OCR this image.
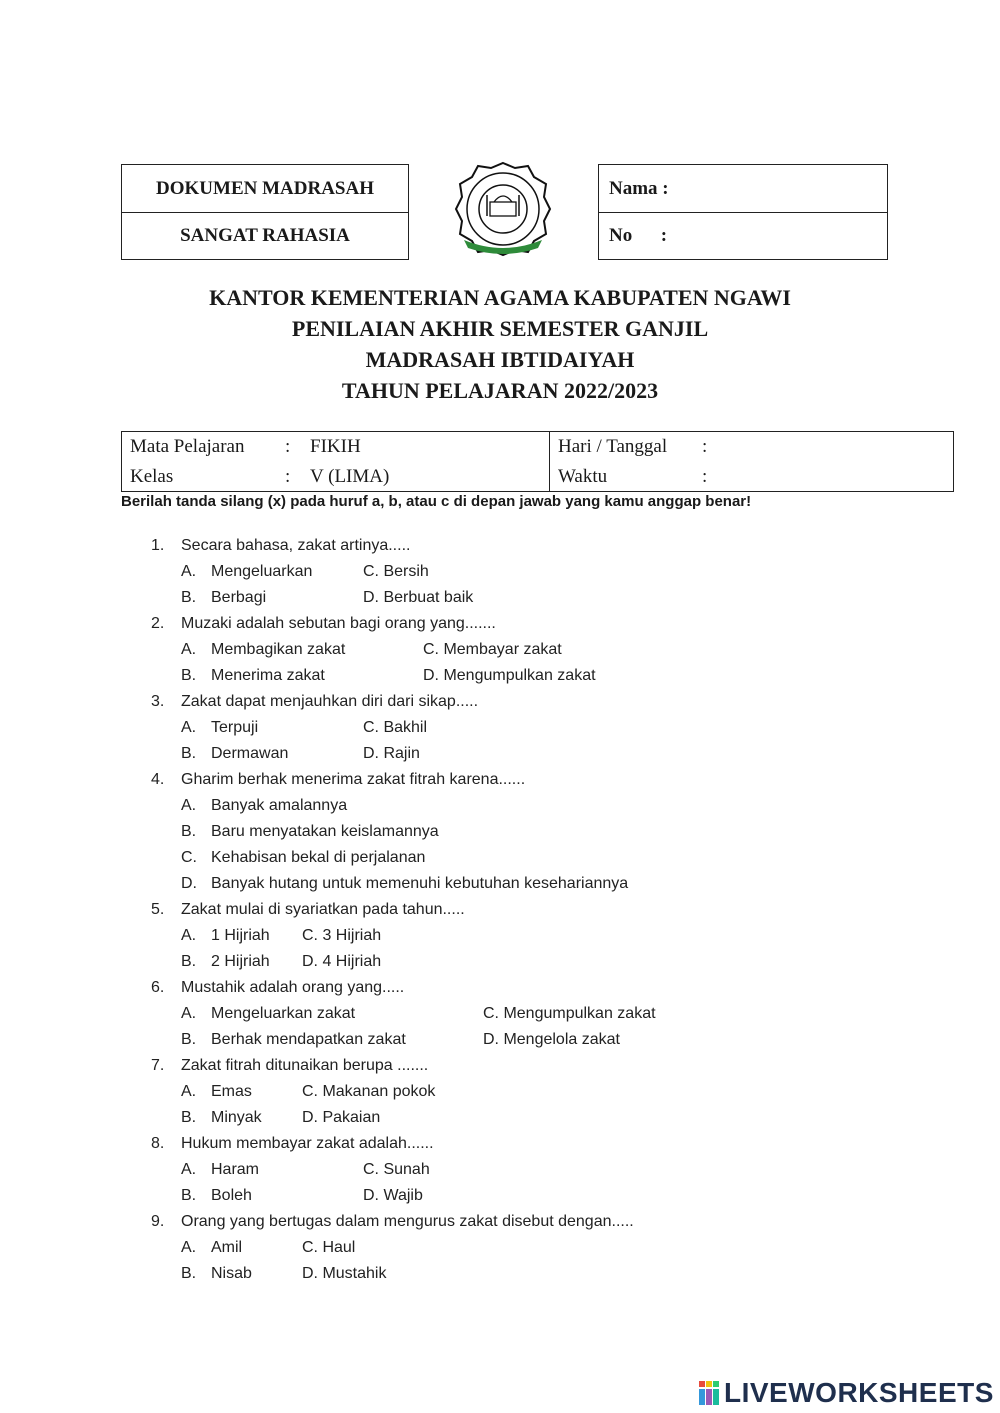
DOKUMEN MADRASAH
SANGAT RAHASIA
Nama :
No      :
KANTOR KEMENTERIAN AGAMA KABUPATEN NGAWI
PENILAIAN AKHIR SEMESTER GANJIL
MADRASAH IBTIDAIYAH
TAHUN PELAJARAN 2022/2023
Mata Pelajaran : FIKIH
Kelas	: V (LIMA)
Hari / Tanggal :
Waktu	:
Berilah tanda silang (x) pada huruf a, b, atau c di depan jawab yang kamu anggap benar!
1. Secara bahasa, zakat artinya.....
A. Mengeluarkan	C. Bersih
B. Berbagi	D. Berbuat baik
2. Muzaki adalah sebutan bagi orang yang.......
A. Membagikan zakat	C. Membayar zakat
B. Menerima zakat	D. Mengumpulkan zakat
3. Zakat dapat menjauhkan diri dari sikap.....
A. Terpuji	C. Bakhil
B. Dermawan	D. Rajin
4. Gharim berhak menerima zakat fitrah karena......
A. Banyak amalannya
B. Baru menyatakan keislamannya
C. Kehabisan bekal di perjalanan
D. Banyak hutang untuk memenuhi kebutuhan kesehariannya
5. Zakat mulai di syariatkan pada tahun.....
A. 1 Hijriah C. 3 Hijriah
B. 2 Hijriah D. 4 Hijriah
6. Mustahik adalah orang yang.....
A. Mengeluarkan zakat	C. Mengumpulkan zakat
B. Berhak mendapatkan zakat	D. Mengelola zakat
7. Zakat fitrah ditunaikan berupa .......
A. Emas	C. Makanan pokok
B. Minyak	D. Pakaian
8. Hukum membayar zakat adalah......
A. Haram	C. Sunah
B. Boleh	D. Wajib
9. Orang yang bertugas dalam mengurus zakat disebut dengan.....
A. Amil	C. Haul
B. Nisab	D. Mustahik
LIVEWORKSHEETS
